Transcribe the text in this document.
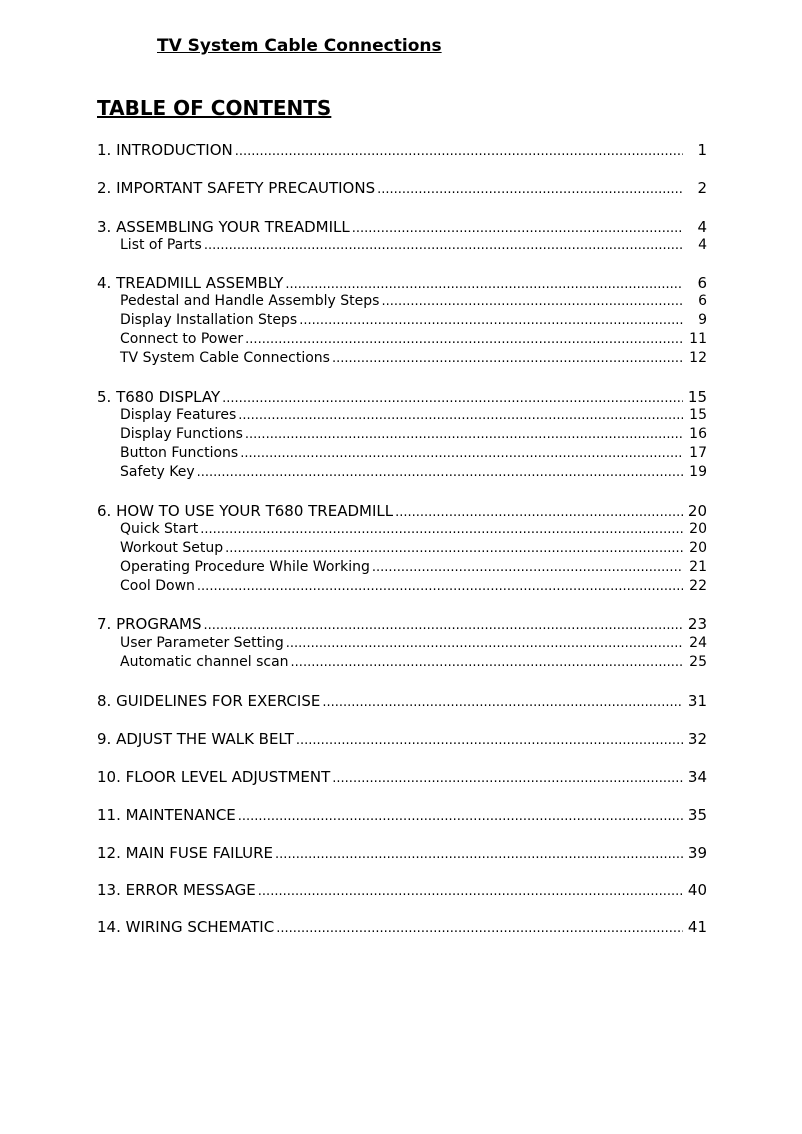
TV System Cable Connections
TABLE OF CONTENTS
1. INTRODUCTION .....	1
2. IMPORTANT SAFETY PRECAUTIONS .....	2
3. ASSEMBLING YOUR TREADMILL .....	4
List of Parts .....	4
4. TREADMILL ASSEMBLY .....	6
Pedestal and Handle Assembly Steps .....	6
Display Installation Steps .....	9
Connect to Power .....	11
TV System Cable Connections .....	12
5. T680 DISPLAY .....	15
Display Features .....	15
Display Functions .....	16
Button Functions .....	17
Safety Key .....	19
6. HOW TO USE YOUR T680 TREADMILL .....	20
Quick Start .....	20
Workout Setup .....	20
Operating Procedure While Working .....	21
Cool Down .....	22
7. PROGRAMS .....	23
User Parameter Setting .....	24
Automatic channel scan .....	25
8. GUIDELINES FOR EXERCISE .....	31
9. ADJUST THE WALK BELT .....	32
10. FLOOR LEVEL ADJUSTMENT .....	34
11. MAINTENANCE .....	35
12. MAIN FUSE FAILURE .....	39
13. ERROR MESSAGE .....	40
14. WIRING SCHEMATIC .....	41
